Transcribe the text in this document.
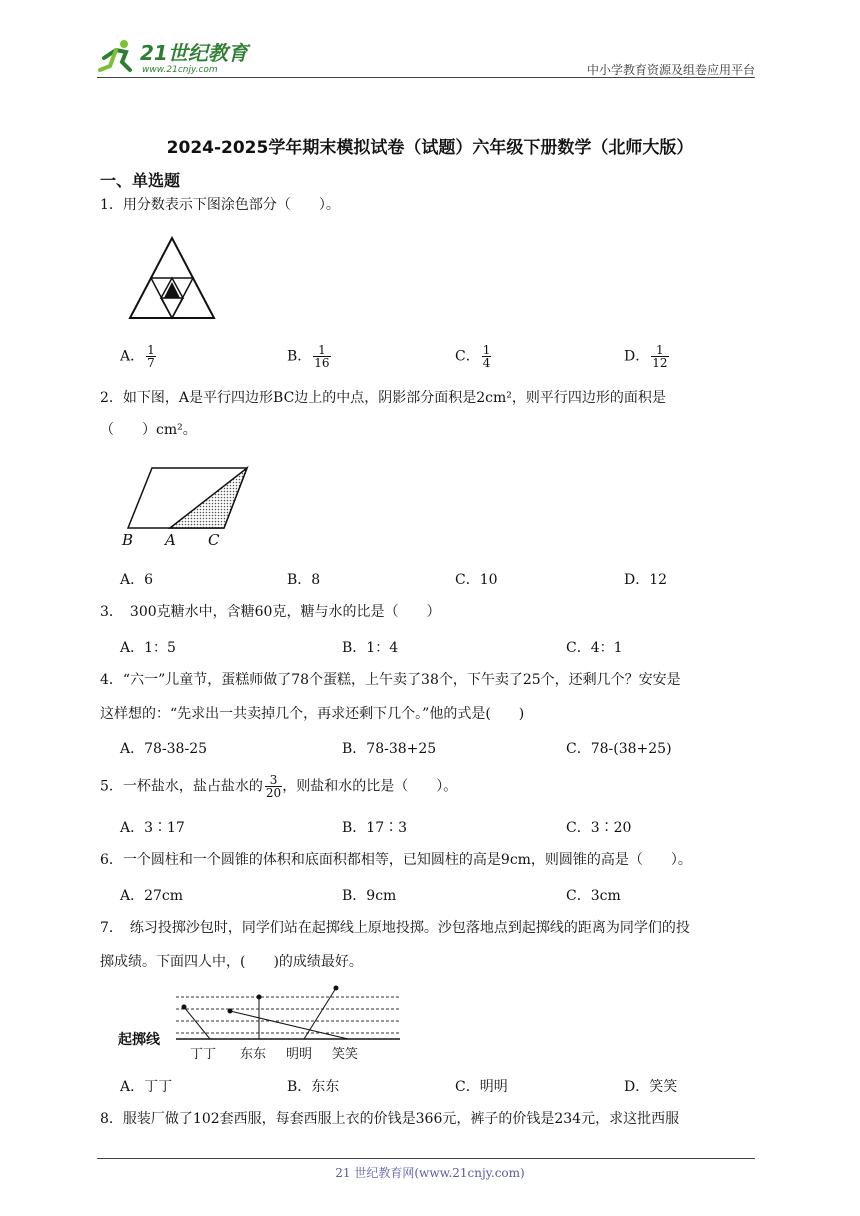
21世纪教育
www.21cnjy.com	中小学教育资源及组卷应用平台
2024-2025学年期末模拟试卷（试题）六年级下册数学（北师大版）
一、单选题
1．用分数表示下图涂色部分（　　）。
A． $\frac{1}{7}$	B． $\frac{1}{16}$	C． $\frac{1}{4}$	D． $\frac{1}{12}$
2．如下图，A是平行四边形BC边上的中点，阴影部分面积是2cm²，则平行四边形的面积是
（　　）cm²。
B A C
A．6	B．8	C．10	D．12
3．　300克糖水中，含糖60克，糖与水的比是（　　）
A．1：5	B．1：4	C．4：1
4．“六一”儿童节，蛋糕师做了78个蛋糕，上午卖了38个，下午卖了25个，还剩几个？安安是
这样想的：“先求出一共卖掉几个，再求还剩下几个。”他的式是(　　)
A．78-38-25	B．78-38+25	C．78-(38+25)
5．一杯盐水，盐占盐水的 $\frac{3}{20}$ ，则盐和水的比是（　　）。
A．3∶17	B．17∶3	C．3∶20
6．一个圆柱和一个圆锥的体积和底面积都相等，已知圆柱的高是9cm，则圆锥的高是（　　）。
A．27cm	B．9cm	C．3cm
7．　练习投掷沙包时，同学们站在起掷线上原地投掷。沙包落地点到起掷线的距离为同学们的投
掷成绩。下面四人中，(　　)的成绩最好。
起掷线
丁丁 东东 明明 笑笑
A．丁丁	B．东东	C．明明	D．笑笑
8．服装厂做了102套西服，每套西服上衣的价钱是366元，裤子的价钱是234元，求这批西服
21 世纪教育网(www.21cnjy.com)
